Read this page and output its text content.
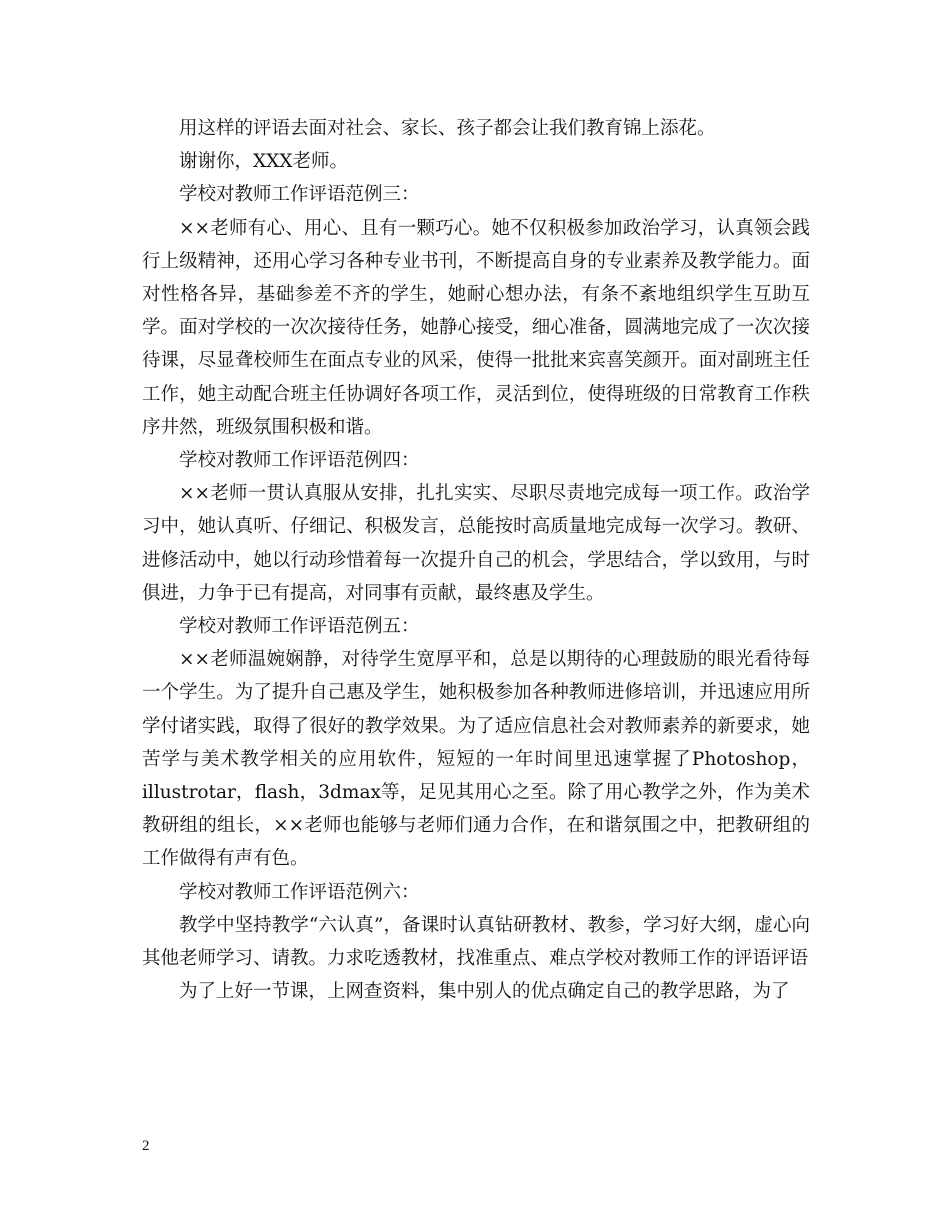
用这样的评语去面对社会、家长、孩子都会让我们教育锦上添花。

谢谢你，XXX老师。

学校对教师工作评语范例三：

××老师有心、用心、且有一颗巧心。她不仅积极参加政治学习，认真领会践行上级精神，还用心学习各种专业书刊，不断提高自身的专业素养及教学能力。面对性格各异，基础参差不齐的学生，她耐心想办法，有条不紊地组织学生互助互学。面对学校的一次次接待任务，她静心接受，细心准备，圆满地完成了一次次接待课，尽显聋校师生在面点专业的风采，使得一批批来宾喜笑颜开。面对副班主任工作，她主动配合班主任协调好各项工作，灵活到位，使得班级的日常教育工作秩序井然，班级氛围积极和谐。

学校对教师工作评语范例四：

××老师一贯认真服从安排，扎扎实实、尽职尽责地完成每一项工作。政治学习中，她认真听、仔细记、积极发言，总能按时高质量地完成每一次学习。教研、进修活动中，她以行动珍惜着每一次提升自己的机会，学思结合，学以致用，与时俱进，力争于已有提高，对同事有贡献，最终惠及学生。

学校对教师工作评语范例五：

××老师温婉娴静，对待学生宽厚平和，总是以期待的心理鼓励的眼光看待每一个学生。为了提升自己惠及学生，她积极参加各种教师进修培训，并迅速应用所学付诸实践，取得了很好的教学效果。为了适应信息社会对教师素养的新要求，她苦学与美术教学相关的应用软件，短短的一年时间里迅速掌握了Photoshop，illustrotar，flash，3dmax等，足见其用心之至。除了用心教学之外，作为美术教研组的组长，××老师也能够与老师们通力合作，在和谐氛围之中，把教研组的工作做得有声有色。

学校对教师工作评语范例六：

教学中坚持教学“六认真”，备课时认真钻研教材、教参，学习好大纲，虚心向其他老师学习、请教。力求吃透教材，找准重点、难点学校对教师工作的评语评语

为了上好一节课，上网查资料，集中别人的优点确定自己的教学思路，为了

2
